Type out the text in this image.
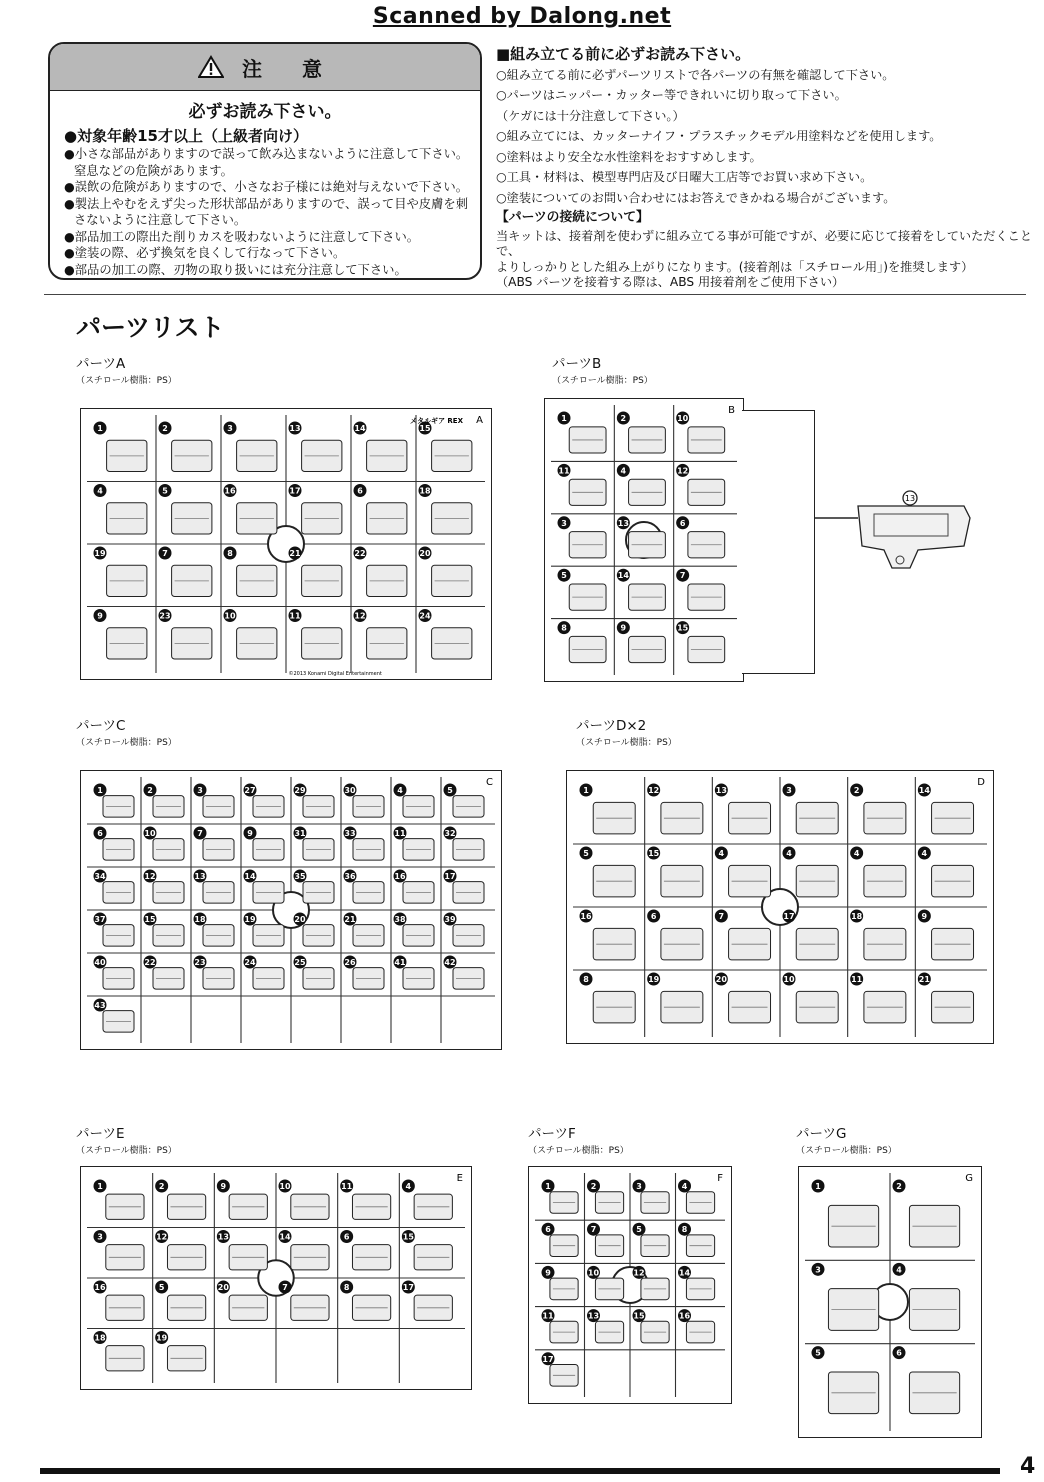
Scanned by Dalong.net
注　意
必ずお読み下さい。
●対象年齢15才以上（上級者向け）
●小さな部品がありますので誤って飲み込まないように注意して下さい。窒息などの危険があります。
●誤飲の危険がありますので、小さなお子様には絶対与えないで下さい。
●製法上やむをえず尖った形状部品がありますので、誤って目や皮膚を刺さないように注意して下さい。
●部品加工の際出た削りカスを吸わないように注意して下さい。
●塗装の際、必ず換気を良くして行なって下さい。
●部品の加工の際、刃物の取り扱いには充分注意して下さい。
■組み立てる前に必ずお読み下さい。
○組み立てる前に必ずパーツリストで各パーツの有無を確認して下さい。
○パーツはニッパー・カッター等できれいに切り取って下さい。
（ケガには十分注意して下さい。）
○組み立てには、カッターナイフ・プラスチックモデル用塗料などを使用します。
○塗料はより安全な水性塗料をおすすめします。
○工具・材料は、模型専門店及び日曜大工店等でお買い求め下さい。
○塗装についてのお問い合わせにはお答えできかねる場合がございます。
【パーツの接続について】
当キットは、接着剤を使わずに組み立てる事が可能ですが、必要に応じて接着をしていただくことで、
よりしっかりとした組み上がりになります。(接着剤は「スチロール用」)を推奨します）
（ABS パーツを接着する際は、ABS 用接着剤をご使用下さい）
パーツリスト
パーツA
（スチロール樹脂：PS）
パーツB
（スチロール樹脂：PS）
パーツC
（スチロール樹脂：PS）
パーツD×2
（スチロール樹脂：PS）
パーツE
（スチロール樹脂：PS）
パーツF
（スチロール樹脂：PS）
パーツG
（スチロール樹脂：PS）
1	2	3	13	14	15
4	5	16	17	6	18
19	7	8	21	22	20
9	23	10	11	12	24
A
メタルギア REX
©2013 Konami Digital Entertainment
1	2	10
11	4	12
3	13	6
5	14	7
8	9	15
B
13
1	2	3	27	29	30	4	5
6	10	7	9	31	33	11	32
34	12	13	14	35	36	16	17
37	15	18	19	20	21	38	39
40	22	23	24	25	26	41	42
43
C
1	12	13	3	2	14
5	15	4	4	4	4
16	6	7	17	18	9
8	19	20	10	11	21
D
1	2	9	10	11	4
3	12	13	14	6	15
16	5	20	7	8	17
18	19
E
1	2	3	4
6	7	5	8
9	10	12	14
11	13	15	16
17
F
1	2
3	4
5	6
G
4
